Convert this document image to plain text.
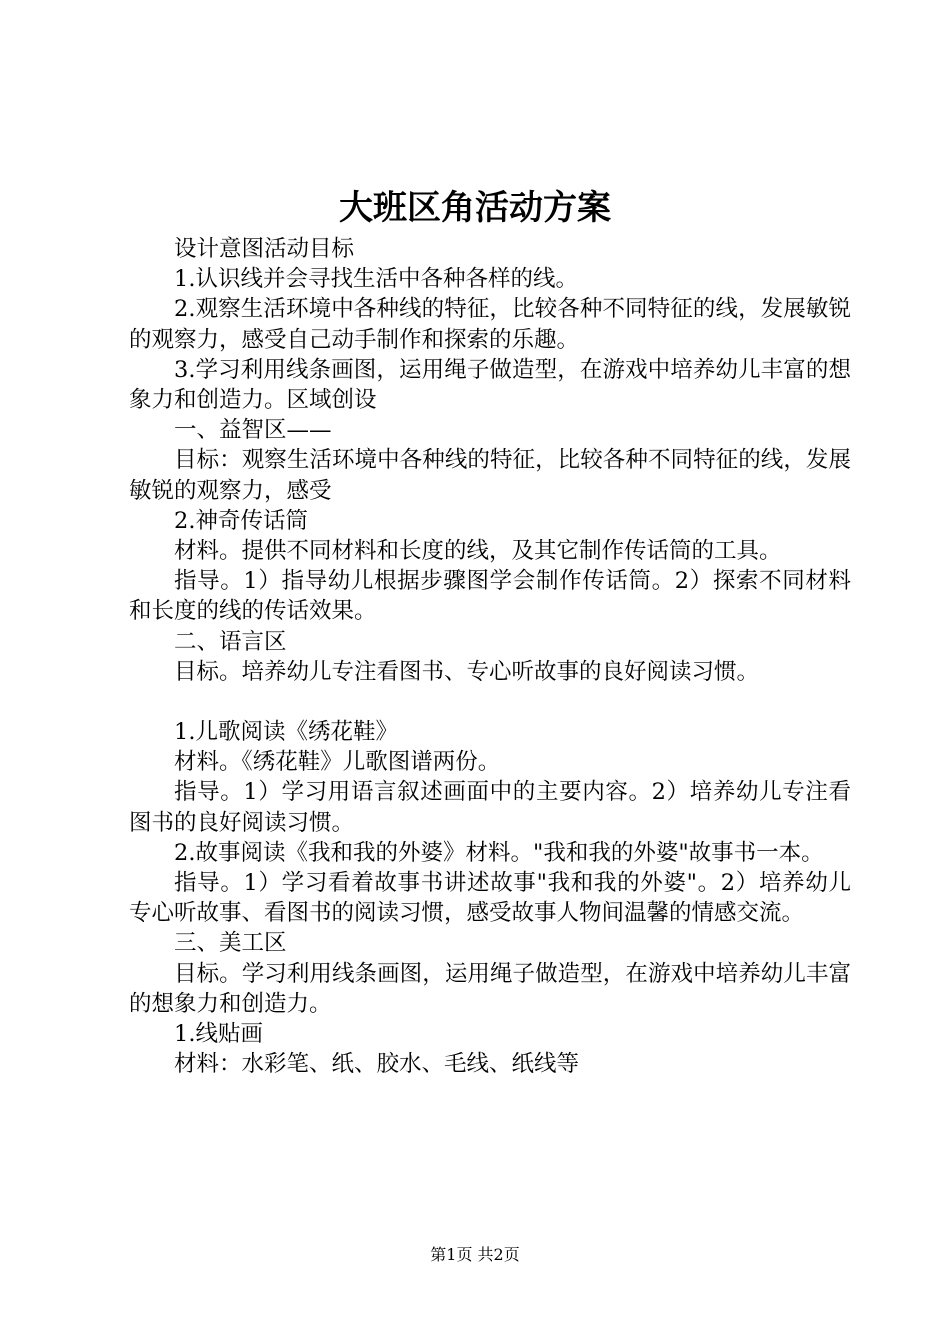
大班区角活动方案

设计意图活动目标

1.认识线并会寻找生活中各种各样的线。

2.观察生活环境中各种线的特征，比较各种不同特征的线，发展敏锐的观察力，感受自己动手制作和探索的乐趣。

3.学习利用线条画图，运用绳子做造型，在游戏中培养幼儿丰富的想象力和创造力。区域创设

一、益智区——

目标：观察生活环境中各种线的特征，比较各种不同特征的线，发展敏锐的观察力，感受

2.神奇传话筒

材料。提供不同材料和长度的线，及其它制作传话筒的工具。

指导。1）指导幼儿根据步骤图学会制作传话筒。2）探索不同材料和长度的线的传话效果。

二、语言区

目标。培养幼儿专注看图书、专心听故事的良好阅读习惯。

1.儿歌阅读《绣花鞋》

材料。《绣花鞋》儿歌图谱两份。

指导。1）学习用语言叙述画面中的主要内容。2）培养幼儿专注看图书的良好阅读习惯。

2.故事阅读《我和我的外婆》材料。"我和我的外婆"故事书一本。

指导。1）学习看着故事书讲述故事"我和我的外婆"。2）培养幼儿专心听故事、看图书的阅读习惯，感受故事人物间温馨的情感交流。

三、美工区

目标。学习利用线条画图，运用绳子做造型，在游戏中培养幼儿丰富的想象力和创造力。

1.线贴画

材料：水彩笔、纸、胶水、毛线、纸线等

第1页 共2页
